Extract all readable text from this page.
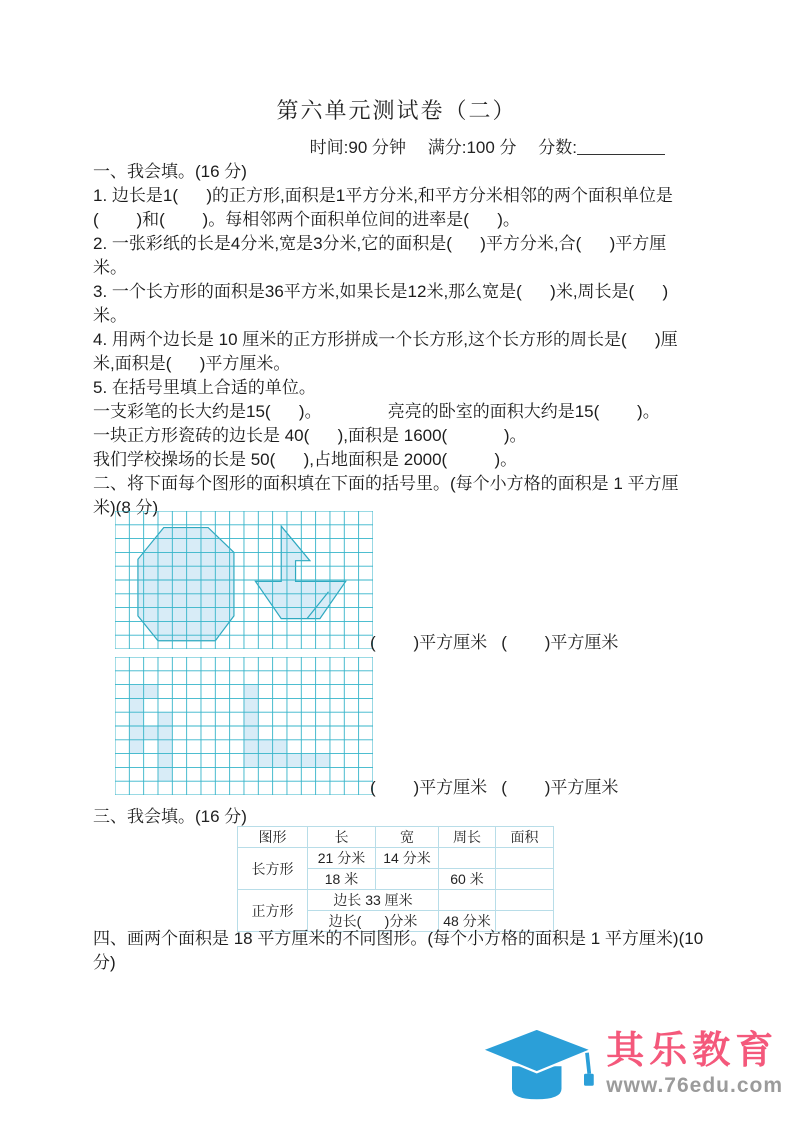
第六单元测试卷（二）
时间:90 分钟　 满分:100 分　 分数:
一、我会填。(16 分)
1. 边长是1(      )的正方形,面积是1平方分米,和平方分米相邻的两个面积单位是
(        )和(        )。每相邻两个面积单位间的进率是(      )。
2. 一张彩纸的长是4分米,宽是3分米,它的面积是(      )平方分米,合(      )平方厘
米。
3. 一个长方形的面积是36平方米,如果长是12米,那么宽是(      )米,周长是(      )
米。
4. 用两个边长是 10 厘米的正方形拼成一个长方形,这个长方形的周长是(      )厘
米,面积是(      )平方厘米。
5. 在括号里填上合适的单位。
一支彩笔的长大约是15(      )。              亮亮的卧室的面积大约是15(        )。
一块正方形瓷砖的边长是 40(      ),面积是 1600(            )。
我们学校操场的长是 50(      ),占地面积是 2000(          )。
二、将下面每个图形的面积填在下面的括号里。(每个小方格的面积是 1 平方厘
米)(8 分)
(        )平方厘米   (        )平方厘米
(        )平方厘米   (        )平方厘米
三、我会填。(16 分)
图形	长	宽	周长	面积
长方形	21 分米	14 分米		
	18 米		60 米	
正方形	边长 33 厘米			
	边长(      )分米		48 分米	
四、画两个面积是 18 平方厘米的不同图形。(每个小方格的面积是 1 平方厘米)(10
分)
其乐教育
www.76edu.com
